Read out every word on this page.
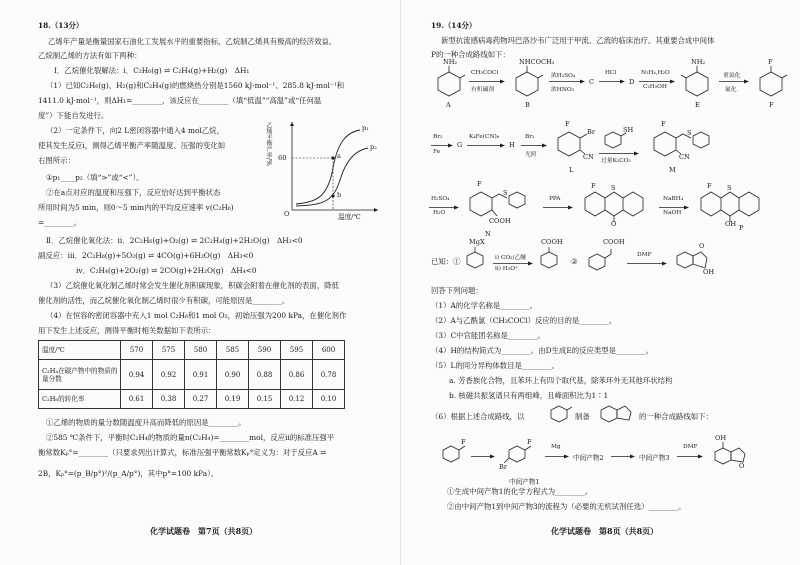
18.（13分）
乙烯年产量是衡量国家石油化工发展水平的重要指标，乙烷制乙烯具有极高的经济效益。
乙烷制乙烯的方法有如下两种：
Ⅰ．乙烷催化裂解法：ⅰ．C₂H₆(g) ⇌ C₂H₄(g)+H₂(g)　ΔH₁
（1）已知C₂H₆(g)、H₂(g)和C₂H₄(g)的燃烧热分别是1560 kJ·mol⁻¹、285.8 kJ·mol⁻¹和
1411.0 kJ·mol⁻¹，则ΔH₁=________，该反应在________（填“低温”“高温”或“任何温
度”）下能自发进行。
（2）一定条件下，向2 L密闭容器中通入4 mol乙烷，
使其发生反应ⅰ，测得乙烯平衡产率随温度、压强的变化如
右图所示：
①p₁____p₂（填“>”或“<”）。
②在a点对应的温度和压强下，反应恰好达到平衡状态
所用时间为5 min，则0～5 min内的平均反应速率 v(C₂H₆)
=________。
60	a
b
p₁
p₂
O	温度/℃
乙烯平衡产率/%
Ⅱ．乙烷催化氧化法：ⅱ．2C₂H₆(g)+O₂(g) ⇌ 2C₂H₄(g)+2H₂O(g)　ΔH₂<0
副反应：ⅲ．2C₂H₆(g)+5O₂(g) ⇌ 4CO(g)+6H₂O(g)　ΔH₃<0
ⅳ．C₂H₄(g)+2O₂(g) ⇌ 2CO(g)+2H₂O(g)　ΔH₄<0
（3）乙烷催化氧化制乙烯时常会发生催化剂积碳现象，积碳会附着在催化剂的表面，降低
催化剂的活性，而乙烷催化氧化制乙烯时很少有积碳，可能原因是________。
（4）在恒容的密闭容器中充入1 mol C₂H₆和1 mol O₂，初始压强为200 kPa，在催化剂作
用下发生上述反应，测得平衡时相关数据如下表所示：
温度/℃	570	575	580	585	590	595	600
C₂H₄在碳产物中的物质的量分数	0.94	0.92	0.91	0.90	0.88	0.86	0.78
C₂H₆的转化率	0.61	0.38	0.27	0.19	0.15	0.12	0.10
①乙烯的物质的量分数随温度升高而降低的原因是________。
②585 ℃条件下，平衡时C₂H₄的物质的量n(C₂H₄)=________mol，反应ⅱ的标准压强平
衡常数Kₚ°=________（只要求列出计算式，标准压强平衡常数Kₚ°定义为：对于反应A ⇌
2B，Kₚ°=(p_B/p°)²/(p_A/p°)，其中p°=100 kPa）。
化学试题卷　第7页（共8页）
19.（14分）
新型抗流感病毒药物玛巴洛沙韦广泛用于甲流、乙流的临床治疗。其重要合成中间体
P的一种合成路线如下：
NH₂
A
CH₃COCl
有机碱剂
NHCOCH₃
B
浓H₂SO₄
浓HNO₃
C
HCl
D
N₂H₄,H₂O
C₂H₅OH
NH₂
E
重氮化
氟化
F
F
Br₂
Fe
G
K₄Fe(CN)₆
H
Br₂
光照
F
Br
CN
L
SH
过量K₂CO₃
F
S
CN
M
H₂SO₄
H₂O
F
S
COOH
N
PPA
F S
O
NaBH₄
NaOH
F S
OH P
已知：①
MgX
i) CO₂/乙醚
ii) H₃O⁺
COOH
②
COOH
DMF
O
OH
回答下列问题：
（1）A的化学名称是________。
（2）A与乙酰氯（CH₃COCl）反应的目的是________。
（3）C中官能团名称是________。
（4）H的结构简式为________。由D生成E的反应类型是________。
（5）L的同分异构体数目是________。
a. 芳香族化合物，且苯环上有四个取代基，除苯环外无其他环状结构
b. 核磁共振氢谱只有两组峰，且峰面积比为1∶1
（6）根据上述合成路线，以	制备	的一种合成路线如下：
F	F
Br
中间产物1
Mg
中间产物2	中间产物3
DMF
OH
O
①生成中间产物1的化学方程式为________。
②由中间产物1到中间产物3的流程为（必要的无机试剂任选）________。
化学试题卷　第8页（共8页）
